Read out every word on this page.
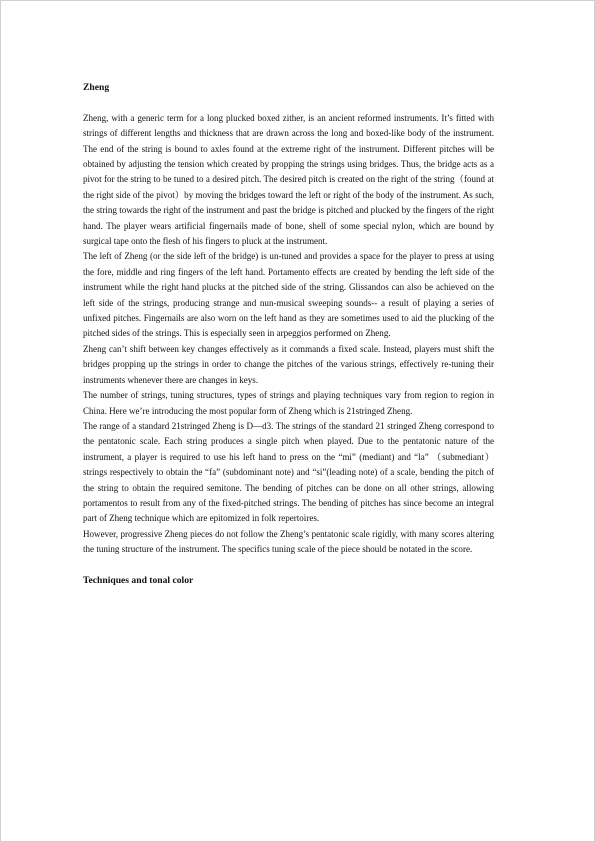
Zheng

Zheng, with a generic term for a long plucked boxed zither, is an ancient reformed instruments. It’s fitted with strings of different lengths and thickness that are drawn across the long and boxed-like body of the instrument. The end of the string is bound to axles found at the extreme right of the instrument. Different pitches will be obtained by adjusting the tension which created by propping the strings using bridges. Thus, the bridge acts as a pivot for the string to be tuned to a desired pitch. The desired pitch is created on the right of the string（found at the right side of the pivot）by moving the bridges toward the left or right of the body of the instrument. As such, the string towards the right of the instrument and past the bridge is pitched and plucked by the fingers of the right hand. The player wears artificial fingernails made of bone, shell of some special nylon, which are bound by surgical tape onto the flesh of his fingers to pluck at the instrument.

The left of Zheng (or the side left of the bridge) is un-tuned and provides a space for the player to press at using the fore, middle and ring fingers of the left hand. Portamento effects are created by bending the left side of the instrument while the right hand plucks at the pitched side of the string. Glissandos can also be achieved on the left side of the strings, producing strange and nun-musical sweeping sounds-- a result of playing a series of unfixed pitches. Fingernails are also worn on the left hand as they are sometimes used to aid the plucking of the pitched sides of the strings. This is especially seen in arpeggios performed on Zheng.

Zheng can’t shift between key changes effectively as it commands a fixed scale. Instead, players must shift the bridges propping up the strings in order to change the pitches of the various strings, effectively re-tuning their instruments whenever there are changes in keys.

The number of strings, tuning structures, types of strings and playing techniques vary from region to region in China. Here we’re introducing the most popular form of Zheng which is 21stringed Zheng.

The range of a standard 21stringed Zheng is D—d3. The strings of the standard 21 stringed Zheng correspond to the pentatonic scale. Each string produces a single pitch when played. Due to the pentatonic nature of the instrument, a player is required to use his left hand to press on the “mi” (mediant) and “la” （submediant） strings respectively to obtain the “fa” (subdominant note) and “si”(leading note) of a scale, bending the pitch of the string to obtain the required semitone. The bending of pitches can be done on all other strings, allowing portamentos to result from any of the fixed-pitched strings. The bending of pitches has since become an integral part of Zheng technique which are epitomized in folk repertoires.

However, progressive Zheng pieces do not follow the Zheng’s pentatonic scale rigidly, with many scores altering the tuning structure of the instrument. The specifics tuning scale of the piece should be notated in the score.

Techniques and tonal color
